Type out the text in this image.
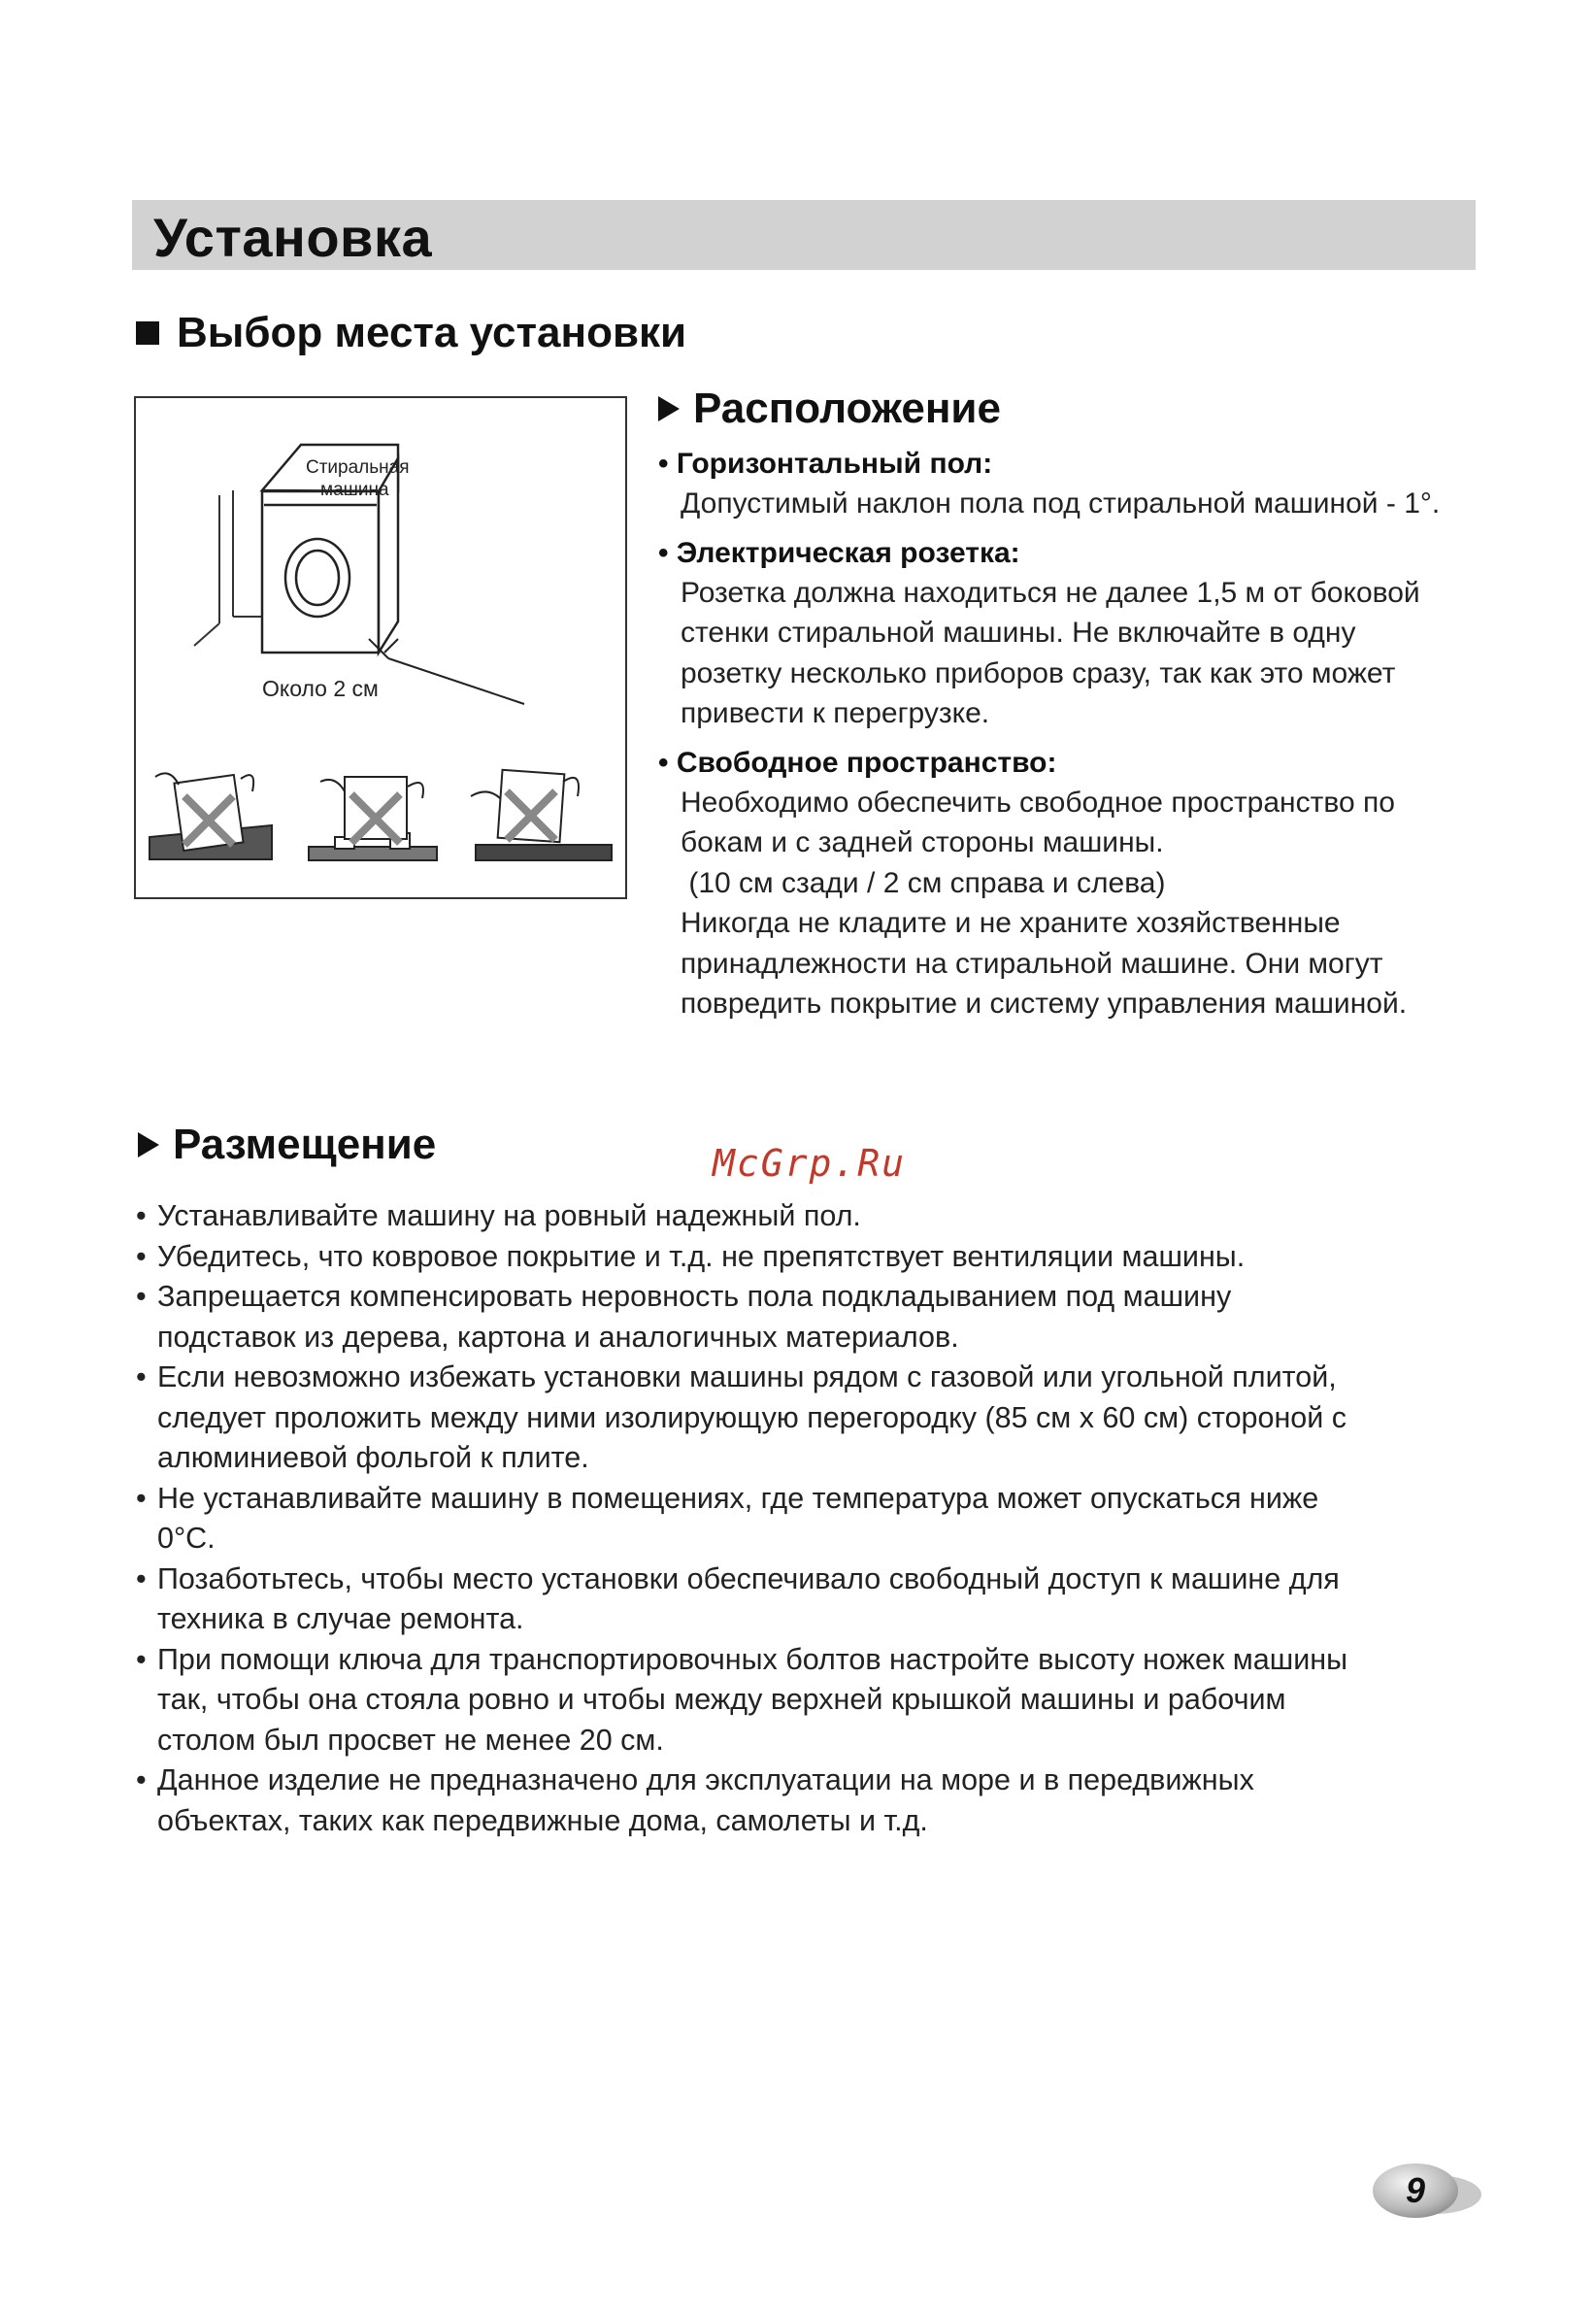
Установка
Выбор места установки
Стиральная
машина
Около 2 см
Расположение
• Горизонтальный пол:
Допустимый наклон пола под стиральной машиной - 1°.
• Электрическая розетка:
Розетка должна находиться не далее 1,5 м от боковой
стенки стиральной машины. Не включайте в одну
розетку несколько приборов сразу, так как это может
привести к перегрузке.
• Свободное пространство:
Необходимо обеспечить свободное пространство по
бокам и с задней стороны машины.
(10 см сзади / 2 см справа и слева)
Никогда не кладите и не храните хозяйственные
принадлежности на стиральной машине. Они могут
повредить покрытие и систему управления машиной.
Размещение	McGrp.Ru
• Устанавливайте машину на ровный надежный пол.
• Убедитесь, что ковровое покрытие и т.д. не препятствует вентиляции машины.
• Запрещается компенсировать неровность пола подкладыванием под машину
подставок из дерева, картона и аналогичных материалов.
• Если невозможно избежать установки машины рядом с газовой или угольной плитой,
следует проложить между ними изолирующую перегородку (85 см x 60 см) стороной с
алюминиевой фольгой к плите.
• Не устанавливайте машину в помещениях, где температура может опускаться ниже
0°C.
• Позаботьтесь, чтобы место установки обеспечивало свободный доступ к машине для
техника в случае ремонта.
• При помощи ключа для транспортировочных болтов настройте высоту ножек машины
так, чтобы она стояла ровно и чтобы между верхней крышкой машины и рабочим
столом был просвет не менее 20 см.
• Данное изделие не предназначено для эксплуатации на море и в передвижных
объектах, таких как передвижные дома, самолеты и т.д.
9
